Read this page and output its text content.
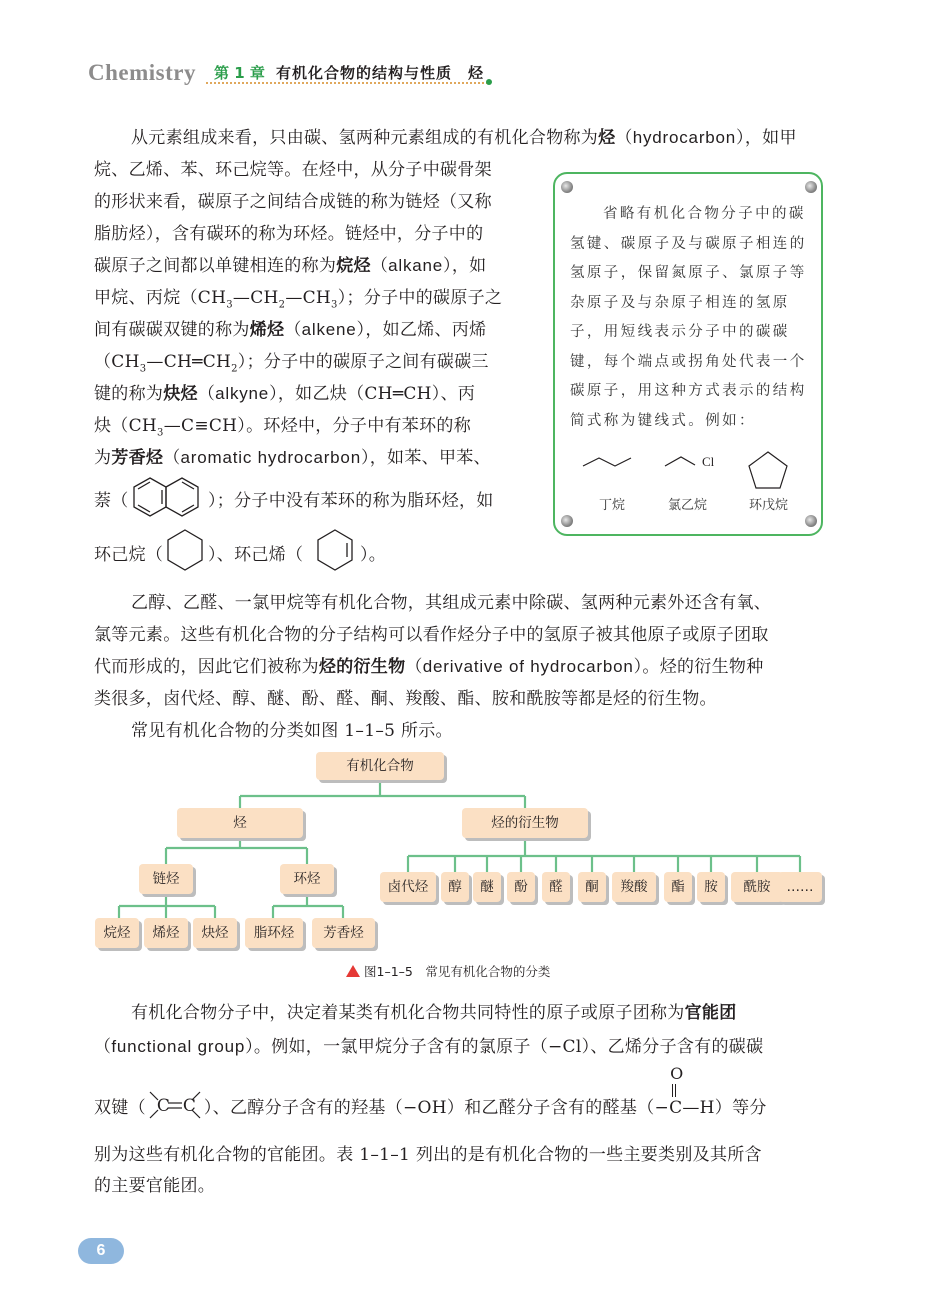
Chemistry 第 1 章 有机化合物的结构与性质　烃
从元素组成来看，只由碳、氢两种元素组成的有机化合物称为烃（hydrocarbon），如甲
烷、乙烯、苯、环己烷等。在烃中，从分子中碳骨架
的形状来看，碳原子之间结合成链的称为链烃（又称
脂肪烃），含有碳环的称为环烃。链烃中，分子中的
碳原子之间都以单键相连的称为烷烃（alkane），如
甲烷、丙烷$(CH_3—CH_2—CH_3)$；分子中的碳原子之
间有碳碳双键的称为烯烃（alkene），如乙烯、丙烯
$(CH_3—CH═CH_2)$；分子中的碳原子之间有碳碳三
键的称为炔烃（alkyne），如乙炔（CH═CH）、丙
炔$(CH_3—C\equiv CH)$。环烃中，分子中有苯环的称
为芳香烃（aromatic hydrocarbon），如苯、甲苯、
萘（	）；分子中没有苯环的称为脂环烃，如
环己烷（	）、环己烯（	）。
省略有机化合物分子中的碳氢键、碳原子及与碳原子相连的氢原子，保留氮原子、氯原子等杂原子及与杂原子相连的氢原子，用短线表示分子中的碳碳键，每个端点或拐角处代表一个碳原子，用这种方式表示的结构简式称为键线式。例如：
Cl
丁烷	氯乙烷	环戊烷
乙醇、乙醛、一氯甲烷等有机化合物，其组成元素中除碳、氢两种元素外还含有氧、
氯等元素。这些有机化合物的分子结构可以看作烃分子中的氢原子被其他原子或原子团取
代而形成的，因此它们被称为烃的衍生物（derivative of hydrocarbon）。烃的衍生物种
类很多，卤代烃、醇、醚、酚、醛、酮、羧酸、酯、胺和酰胺等都是烃的衍生物。
常见有机化合物的分类如图 1–1–5 所示。
有机化合物
烃	烃的衍生物
链烃	环烃
烷烃	烯烃	炔烃	脂环烃	芳香烃
卤代烃	醇	醚	酚	醛	酮	羧酸	酯	胺	酰胺	……
图1–1–5　常见有机化合物的分类
有机化合物分子中，决定着某类有机化合物共同特性的原子或原子团称为官能团
（functional group）。例如，一氯甲烷分子含有的氯原子（−Cl）、乙烯分子含有的碳碳
双键（ C C ）、乙醇分子含有的羟基（−OH）和乙醛分子含有的醛基（−
O
C—H）等分
别为这些有机化合物的官能团。表 1–1–1 列出的是有机化合物的一些主要类别及其所含
的主要官能团。
6
